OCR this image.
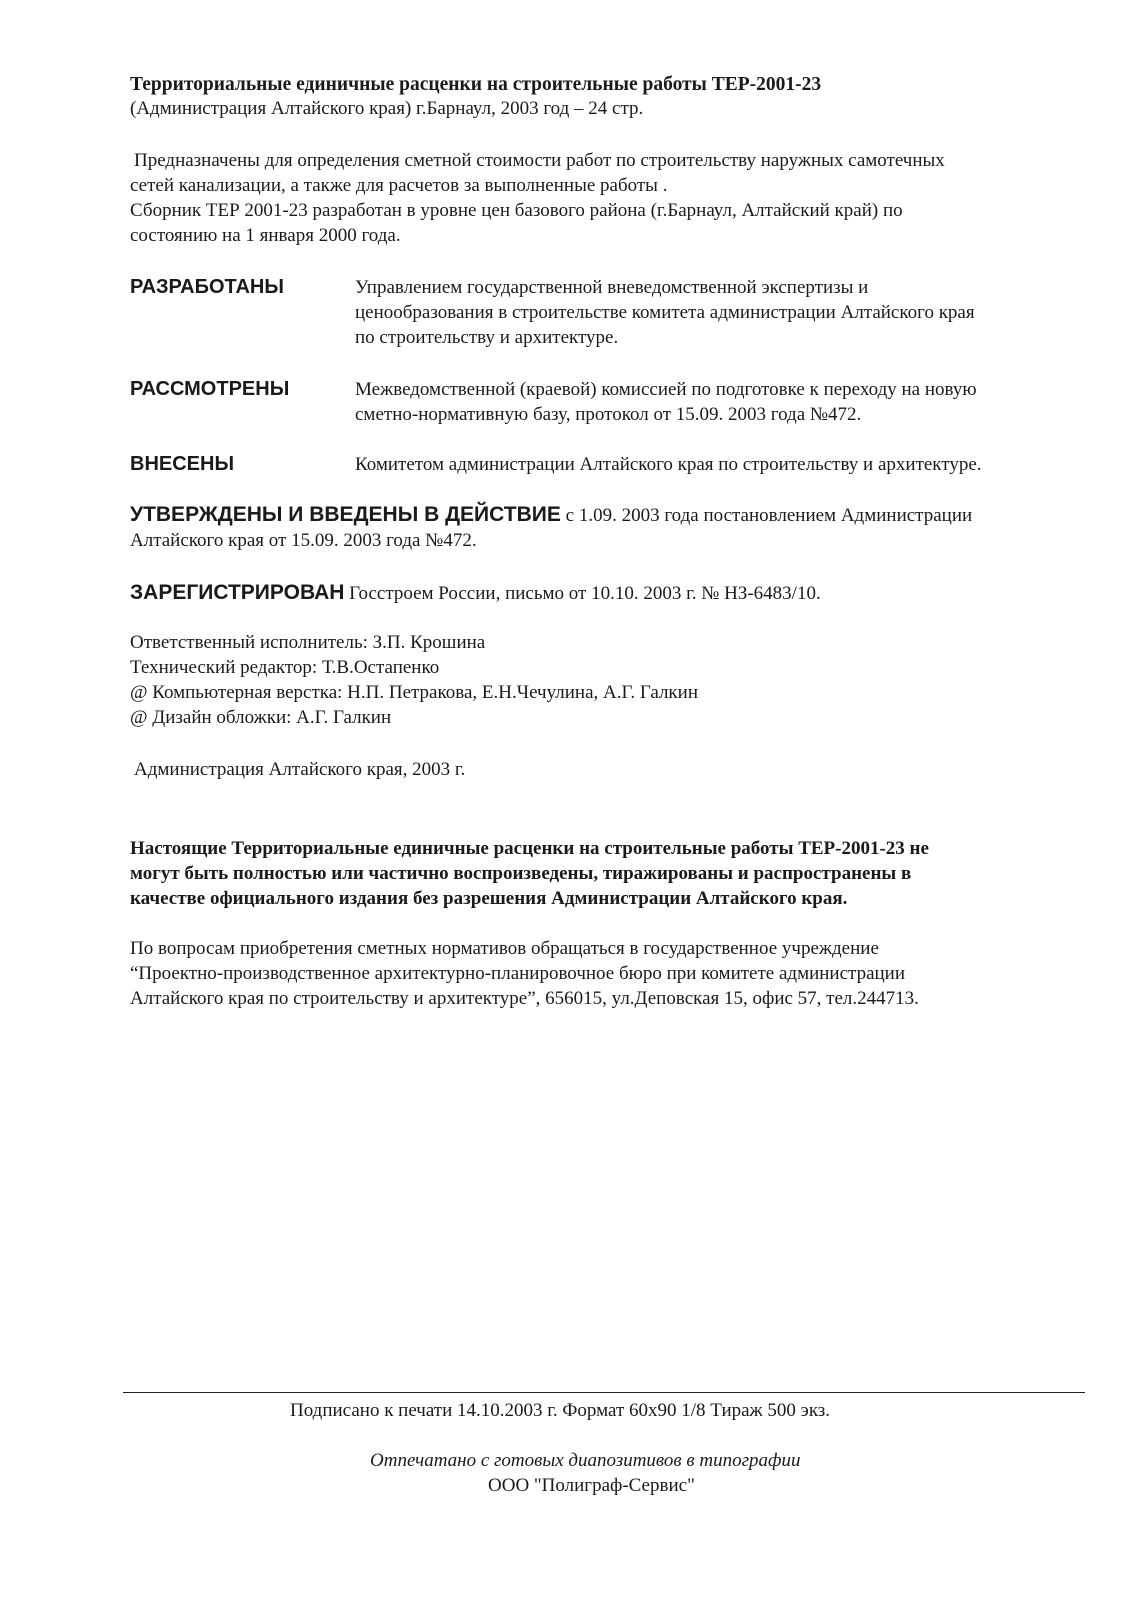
Территориальные единичные расценки на строительные работы ТЕР-2001-23
(Администрация Алтайского края) г.Барнаул, 2003 год – 24 стр.
Предназначены для определения сметной стоимости работ по строительству наружных самотечных
сетей канализации, а также для расчетов за выполненные работы .
Сборник ТЕР 2001-23 разработан в уровне цен базового района (г.Барнаул, Алтайский край) по
состоянию на 1 января 2000 года.
РАЗРАБОТАНЫ	Управлением государственной вневедомственной экспертизы и
ценообразования в строительстве комитета администрации Алтайского края
по строительству и архитектуре.
РАССМОТРЕНЫ	Межведомственной (краевой) комиссией по подготовке к переходу на новую
сметно-нормативную базу, протокол от 15.09. 2003 года №472.
ВНЕСЕНЫ	Комитетом администрации Алтайского края по строительству и архитектуре.
УТВЕРЖДЕНЫ И ВВЕДЕНЫ В ДЕЙСТВИЕ с 1.09. 2003 года постановлением Администрации
Алтайского края от 15.09. 2003 года №472.
ЗАРЕГИСТРИРОВАН Госстроем России, письмо от 10.10. 2003 г. № НЗ-6483/10.
Ответственный исполнитель: З.П. Крошина
Технический редактор: Т.В.Остапенко
@ Компьютерная верстка: Н.П. Петракова, Е.Н.Чечулина, А.Г. Галкин
@ Дизайн обложки: А.Г. Галкин
Администрация Алтайского края, 2003 г.
Настоящие Территориальные единичные расценки на строительные работы ТЕР-2001-23 не
могут быть полностью или частично воспроизведены, тиражированы и распространены в
качестве официального издания без разрешения Администрации Алтайского края.
По вопросам приобретения сметных нормативов обращаться в государственное учреждение
“Проектно-производственное архитектурно-планировочное бюро при комитете администрации
Алтайского края по строительству и архитектуре”, 656015, ул.Деповская 15, офис 57, тел.244713.
Подписано к печати 14.10.2003 г. Формат 60х90 1/8 Тираж 500 экз.
Отпечатано с готовых диапозитивов в типографии
ООО "Полиграф-Сервис"
